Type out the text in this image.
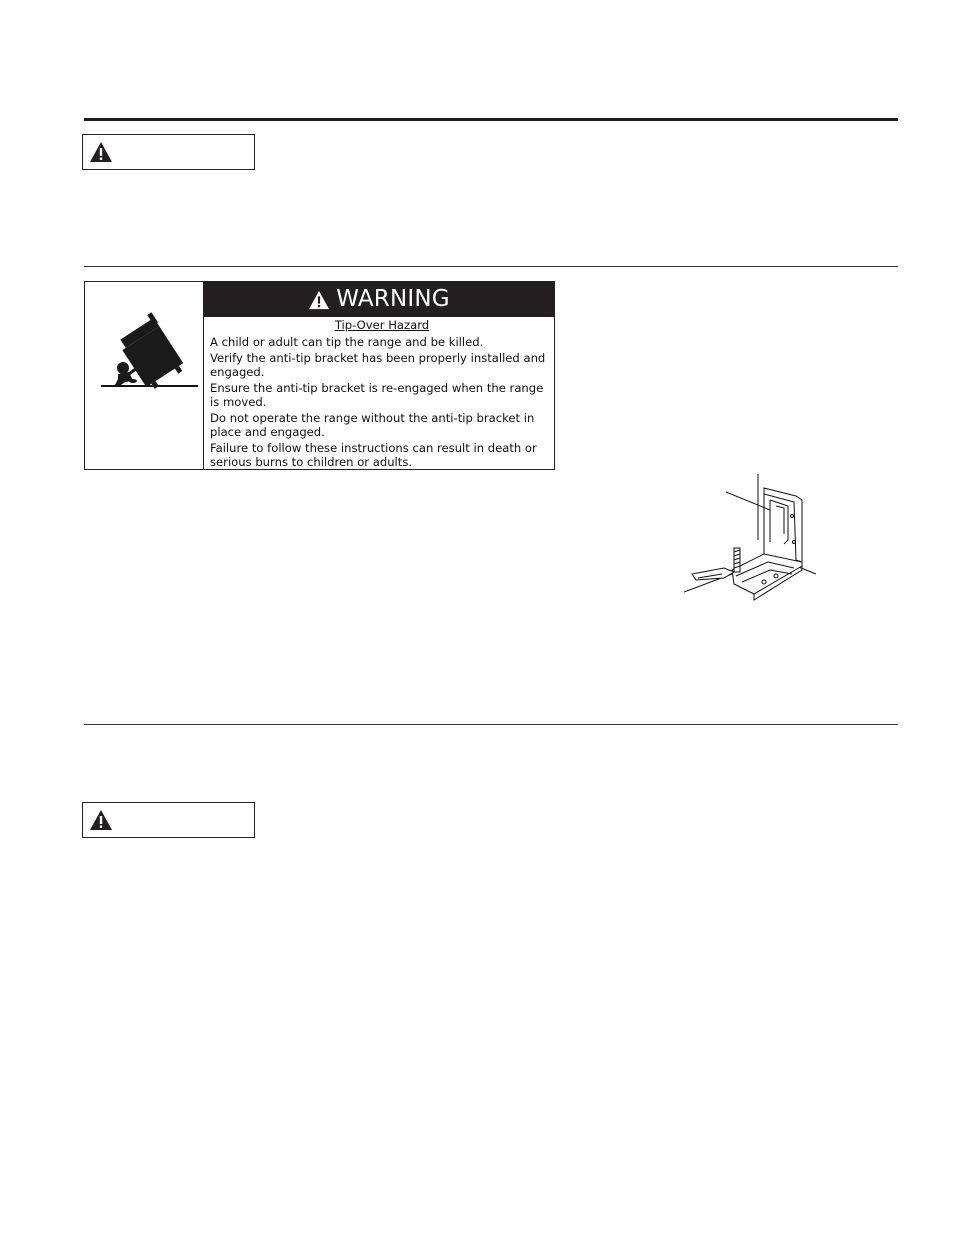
WARNING
Tip-Over Hazard
A child or adult can tip the range and be killed.
Verify the anti-tip bracket has been properly installed and engaged.
Ensure the anti-tip bracket is re-engaged when the range is moved.
Do not operate the range without the anti-tip bracket in place and engaged.
Failure to follow these instructions can result in death or serious burns to children or adults.
